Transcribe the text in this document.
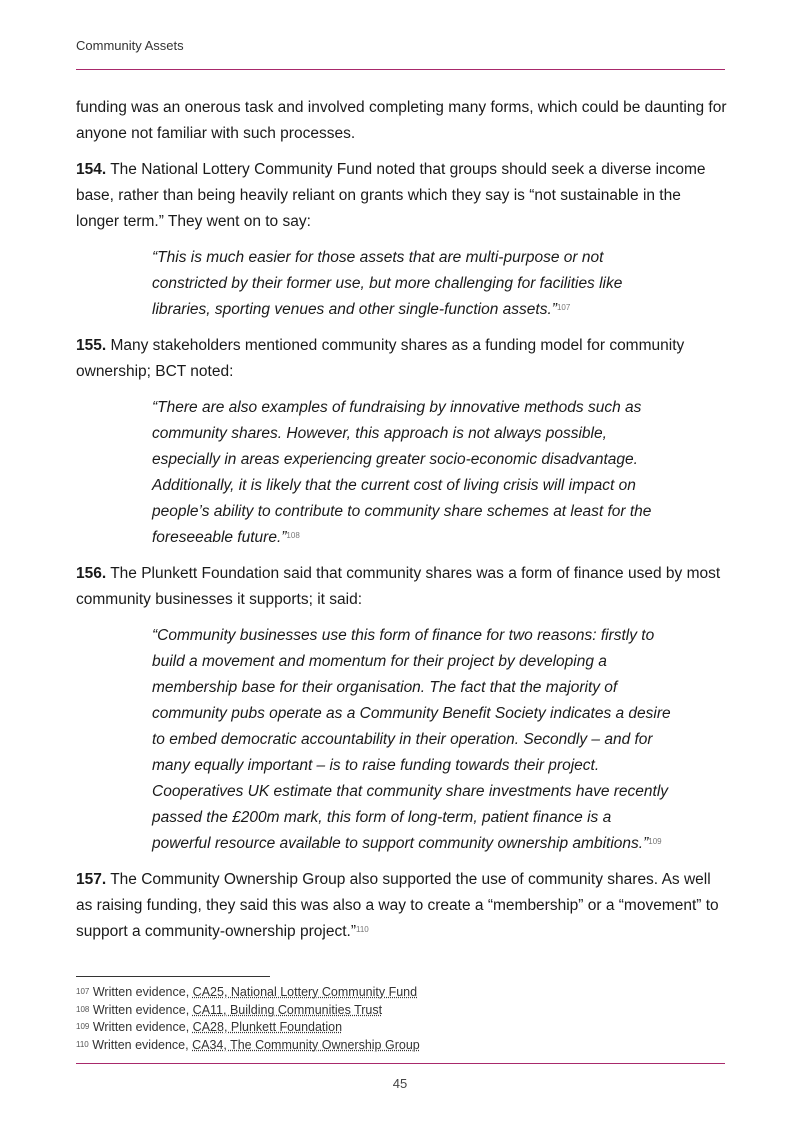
Community Assets

funding was an onerous task and involved completing many forms, which could be daunting for anyone not familiar with such processes.

154. The National Lottery Community Fund noted that groups should seek a diverse income base, rather than being heavily reliant on grants which they say is “not sustainable in the longer term.” They went on to say:

“This is much easier for those assets that are multi-purpose or not constricted by their former use, but more challenging for facilities like libraries, sporting venues and other single-function assets.”$^{107}$

155. Many stakeholders mentioned community shares as a funding model for community ownership; BCT noted:

“There are also examples of fundraising by innovative methods such as community shares. However, this approach is not always possible, especially in areas experiencing greater socio-economic disadvantage. Additionally, it is likely that the current cost of living crisis will impact on people’s ability to contribute to community share schemes at least for the foreseeable future.”$^{108}$

156. The Plunkett Foundation said that community shares was a form of finance used by most community businesses it supports; it said:

“Community businesses use this form of finance for two reasons: firstly to build a movement and momentum for their project by developing a membership base for their organisation. The fact that the majority of community pubs operate as a Community Benefit Society indicates a desire to embed democratic accountability in their operation. Secondly – and for many equally important – is to raise funding towards their project. Cooperatives UK estimate that community share investments have recently passed the £200m mark, this form of long-term, patient finance is a powerful resource available to support community ownership ambitions.”$^{109}$

157. The Community Ownership Group also supported the use of community shares. As well as raising funding, they said this was also a way to create a “membership” or a “movement” to support a community-ownership project.”$^{110}$

$^{107}$ Written evidence, CA25, National Lottery Community Fund
$^{108}$ Written evidence, CA11, Building Communities Trust
$^{109}$ Written evidence, CA28, Plunkett Foundation
$^{110}$ Written evidence, CA34, The Community Ownership Group
45
